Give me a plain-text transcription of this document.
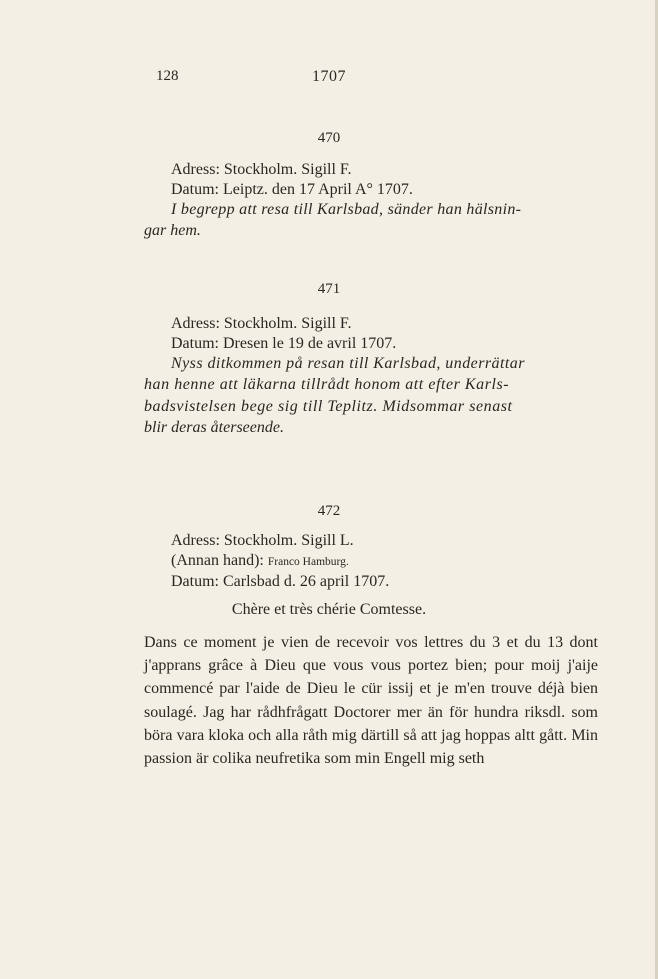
128	1707
470
Adress: Stockholm. Sigill F.
Datum: Leiptz. den 17 April A° 1707.
I begrepp att resa till Karlsbad, sänder han hälsnin-
gar hem.
471
Adress: Stockholm. Sigill F.
Datum: Dresen le 19 de avril 1707.
Nyss ditkommen på resan till Karlsbad, underrättar
han henne att läkarna tillrådt honom att efter Karls-
badsvistelsen bege sig till Teplitz. Midsommar senast
blir deras återseende.
472
Adress: Stockholm. Sigill L.
(Annan hand): Franco Hamburg.
Datum: Carlsbad d. 26 april 1707.
Chère et très chérie Comtesse.
Dans ce moment je vien de recevoir vos lettres du 3 et du 13 dont j'apprans grâce à Dieu que vous vous portez bien; pour moij j'aije commencé par l'aide de Dieu le cür issij et je m'en trouve déjà bien soulagé. Jag har rådhfrågatt Doctorer mer än för hundra riksdl. som böra vara kloka och alla råth mig därtill så att jag hoppas altt gått. Min passion är colika neufretika som min Engell mig seth
